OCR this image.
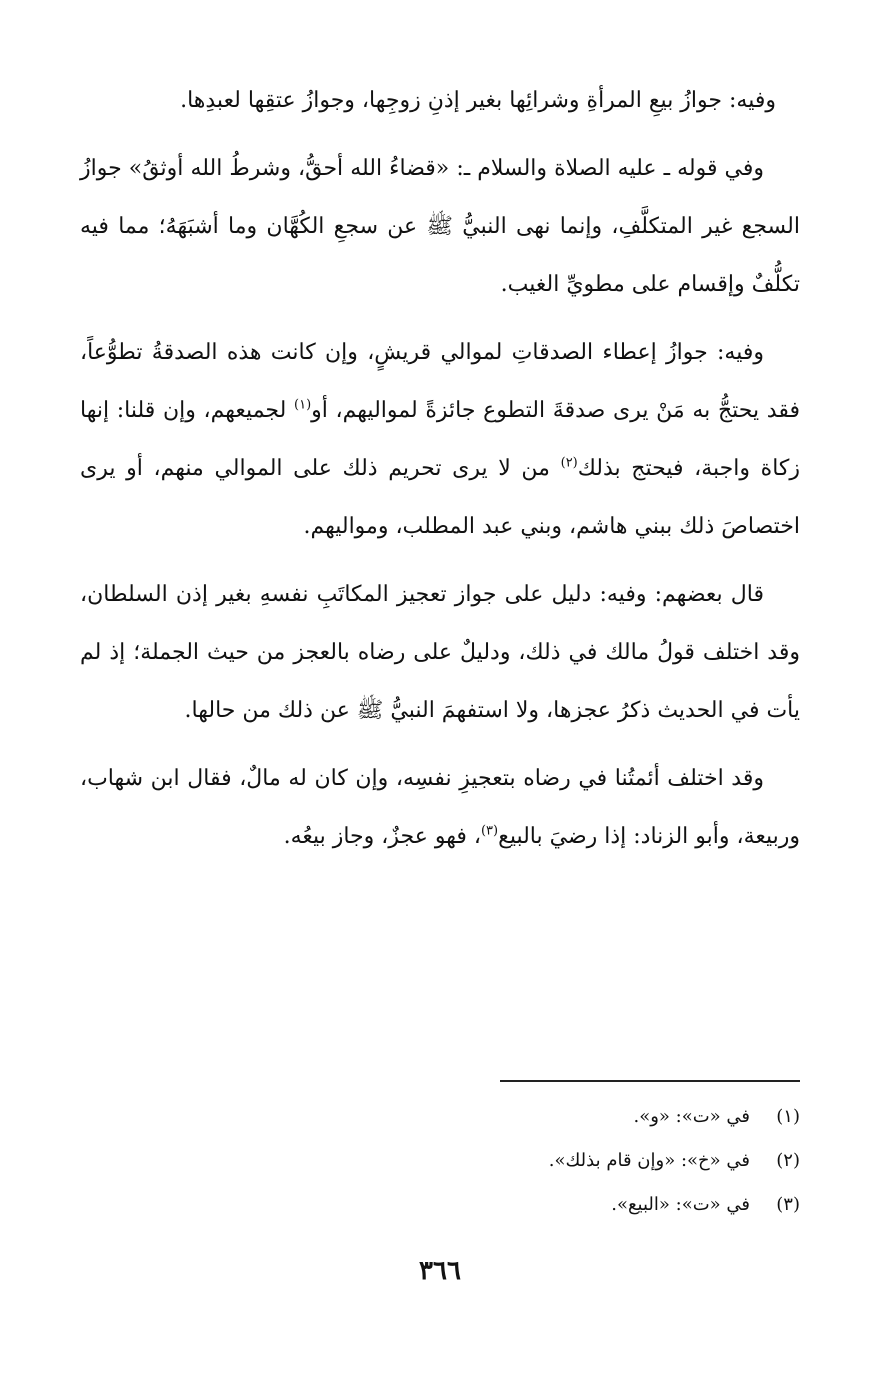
وفيه: جوازُ بيعِ المرأةِ وشرائِها بغير إذنِ زوجِها، وجوازُ عتقِها لعبدِها.

وفي قوله ـ عليه الصلاة والسلام ـ: «قضاءُ الله أحقُّ، وشرطُ الله أوثقُ» جوازُ السجع غير المتكلَّفِ، وإنما نهى النبيُّ ﷺ عن سجعِ الكُهَّان وما أشبَهَهُ؛ مما فيه تكلُّفٌ وإقسام على مطويِّ الغيب.

وفيه: جوازُ إعطاء الصدقاتِ لموالي قريشٍ، وإن كانت هذه الصدقةُ تطوُّعاً، فقد يحتجُّ به مَنْ يرى صدقةَ التطوع جائزةً لمواليهم، أو$^{(١)}$ لجميعهم، وإن قلنا: إنها زكاة واجبة، فيحتج بذلك$^{(٢)}$ من لا يرى تحريم ذلك على الموالي منهم، أو يرى اختصاصَ ذلك ببني هاشم، وبني عبد المطلب، ومواليهم.

قال بعضهم: وفيه: دليل على جواز تعجيز المكاتَبِ نفسهِ بغير إذن السلطان، وقد اختلف قولُ مالك في ذلك، ودليلٌ على رضاه بالعجز من حيث الجملة؛ إذ لم يأت في الحديث ذكرُ عجزها، ولا استفهمَ النبيُّ ﷺ عن ذلك من حالها.

وقد اختلف أئمتُنا في رضاه بتعجيزِ نفسِه، وإن كان له مالٌ، فقال ابن شهاب، وربيعة، وأبو الزناد: إذا رضيَ بالبيع$^{(٣)}$، فهو عجزٌ، وجاز بيعُه.

(١)في «ت»: «و».
(٢)في «خ»: «وإن قام بذلك».
(٣)في «ت»: «البيع».
٣٦٦
